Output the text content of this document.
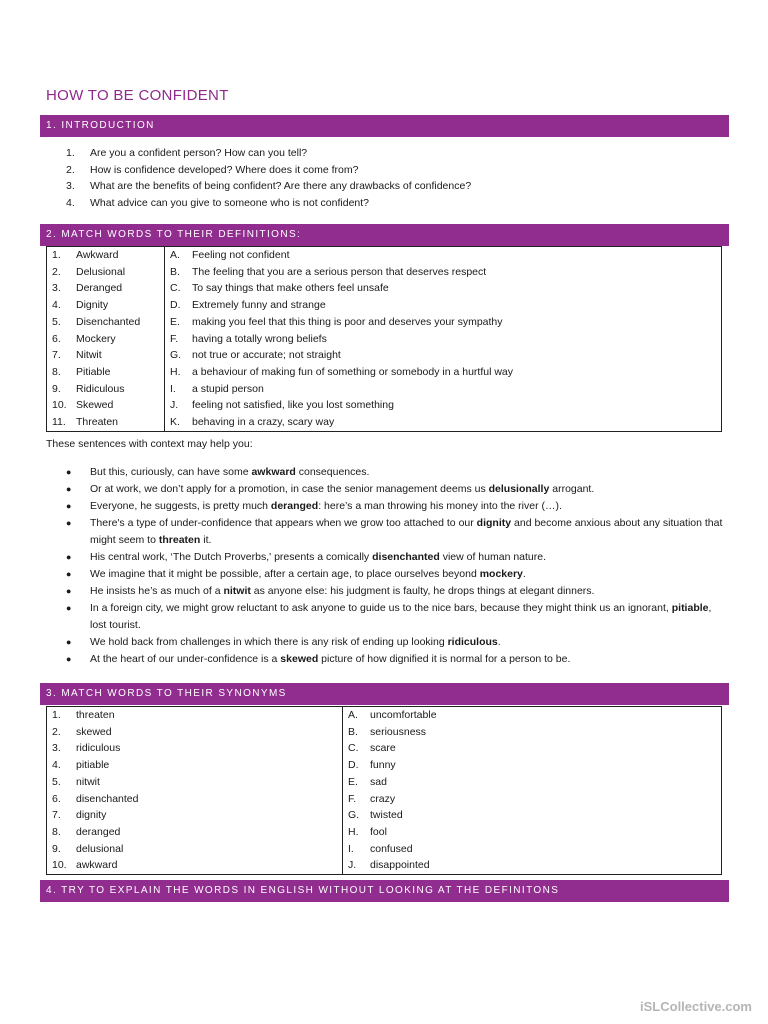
HOW TO BE CONFIDENT
1. INTRODUCTION
1. Are you a confident person? How can you tell?
2. How is confidence developed? Where does it come from?
3. What are the benefits of being confident? Are there any drawbacks of confidence?
4. What advice can you give to someone who is not confident?
2. MATCH WORDS TO THEIR DEFINITIONS:
1. Awkward	A. Feeling not confident
2. Delusional	B. The feeling that you are a serious person that deserves respect
3. Deranged	C. To say things that make others feel unsafe
4. Dignity	D. Extremely funny and strange
5. Disenchanted	E. making you feel that this thing is poor and deserves your sympathy
6. Mockery	F. having a totally wrong beliefs
7. Nitwit	G. not true or accurate; not straight
8. Pitiable	H. a behaviour of making fun of something or somebody in a hurtful way
9. Ridiculous	I. a stupid person
10. Skewed	J. feeling not satisfied, like you lost something
11. Threaten	K. behaving in a crazy, scary way
These sentences with context may help you:
● But this, curiously, can have some awkward consequences.
● Or at work, we don’t apply for a promotion, in case the senior management deems us delusionally arrogant.
● Everyone, he suggests, is pretty much deranged: here’s a man throwing his money into the river (…).
● There's a type of under-confidence that appears when we grow too attached to our dignity and become anxious about any situation that might seem to threaten it.
● His central work, ‘The Dutch Proverbs,' presents a comically disenchanted view of human nature.
● We imagine that it might be possible, after a certain age, to place ourselves beyond mockery.
● He insists he’s as much of a nitwit as anyone else: his judgment is faulty, he drops things at elegant dinners.
● In a foreign city, we might grow reluctant to ask anyone to guide us to the nice bars, because they might think us an ignorant, pitiable, lost tourist.
● We hold back from challenges in which there is any risk of ending up looking ridiculous.
● At the heart of our under-confidence is a skewed picture of how dignified it is normal for a person to be.
3. MATCH WORDS TO THEIR SYNONYMS
1. threaten	A. uncomfortable
2. skewed	B. seriousness
3. ridiculous	C. scare
4. pitiable	D. funny
5. nitwit	E. sad
6. disenchanted	F. crazy
7. dignity	G. twisted
8. deranged	H. fool
9. delusional	I. confused
10. awkward	J. disappointed
4. TRY TO EXPLAIN THE WORDS IN ENGLISH WITHOUT LOOKING AT THE DEFINITONS
iSLCollective.com
